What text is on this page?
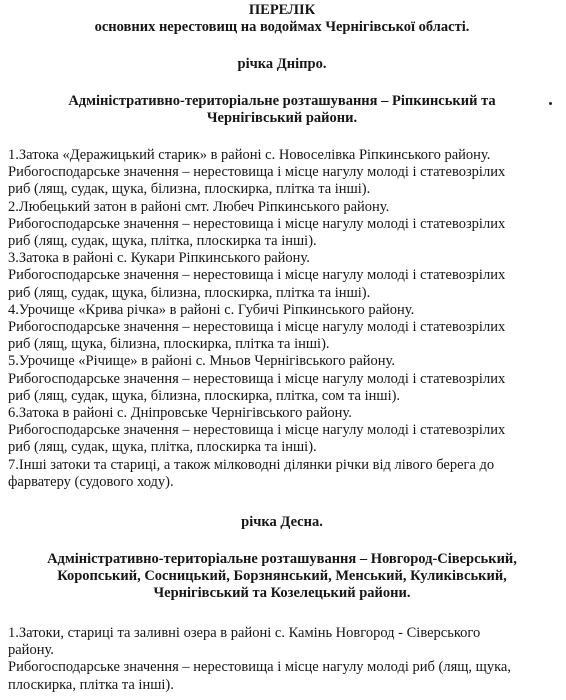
ПЕРЕЛІК
основних нерестовищ на водоймах Чернігівської області.
річка Дніпро.
Адміністративно-територіальне розташування – Ріпкинський та
Чернігівський райони.

1.Затока «Деражицький старик» в районі с. Новоселівка Ріпкинського району.

Рибогосподарське значення – нерестовища і місце нагулу молоді і статевозрілих

риб (лящ, судак, щука, білизна, плоскирка, плітка та інші).

2.Любецький затон в районі смт. Любеч Ріпкинського району.

Рибогосподарське значення – нерестовища і місце нагулу молоді і статевозрілих

риб (лящ, судак, щука, плітка, плоскирка та інші).

3.Затока в районі с. Кукари Ріпкинського району.

Рибогосподарське значення – нерестовища і місце нагулу молоді і статевозрілих

риб (лящ, судак, щука, білизна, плоскирка, плітка та інші).

4.Урочище «Крива річка» в районі с. Губичі Ріпкинського району.

Рибогосподарське значення – нерестовища і місце нагулу молоді і статевозрілих

риб (лящ, щука, білизна, плоскирка, плітка та інші).

5.Урочище «Річище» в районі с. Мньов Чернігівського району.

Рибогосподарське значення – нерестовища і місце нагулу молоді і статевозрілих

риб (лящ, судак, щука, білизна, плоскирка, плітка, сом та інші).

6.Затока в районі с. Дніпровське Чернігівського району.

Рибогосподарське значення – нерестовища і місце нагулу молоді і статевозрілих

риб (лящ, судак, щука, плітка, плоскирка та інші).

7.Інші затоки та стариці, а також мілководні ділянки річки від лівого берега до

фарватеру (судового ходу).

річка Десна.
Адміністративно-територіальне розташування – Новгород-Сіверський,
Коропський, Сосницький, Борзнянський, Менський, Куликівський,
Чернігівський та Козелецький райони.

1.Затоки, стариці та заливні озера в районі с. Камінь Новгород - Сіверського

району.

Рибогосподарське значення – нерестовища і місце нагулу молоді риб (лящ, щука,

плоскирка, плітка та інші).
